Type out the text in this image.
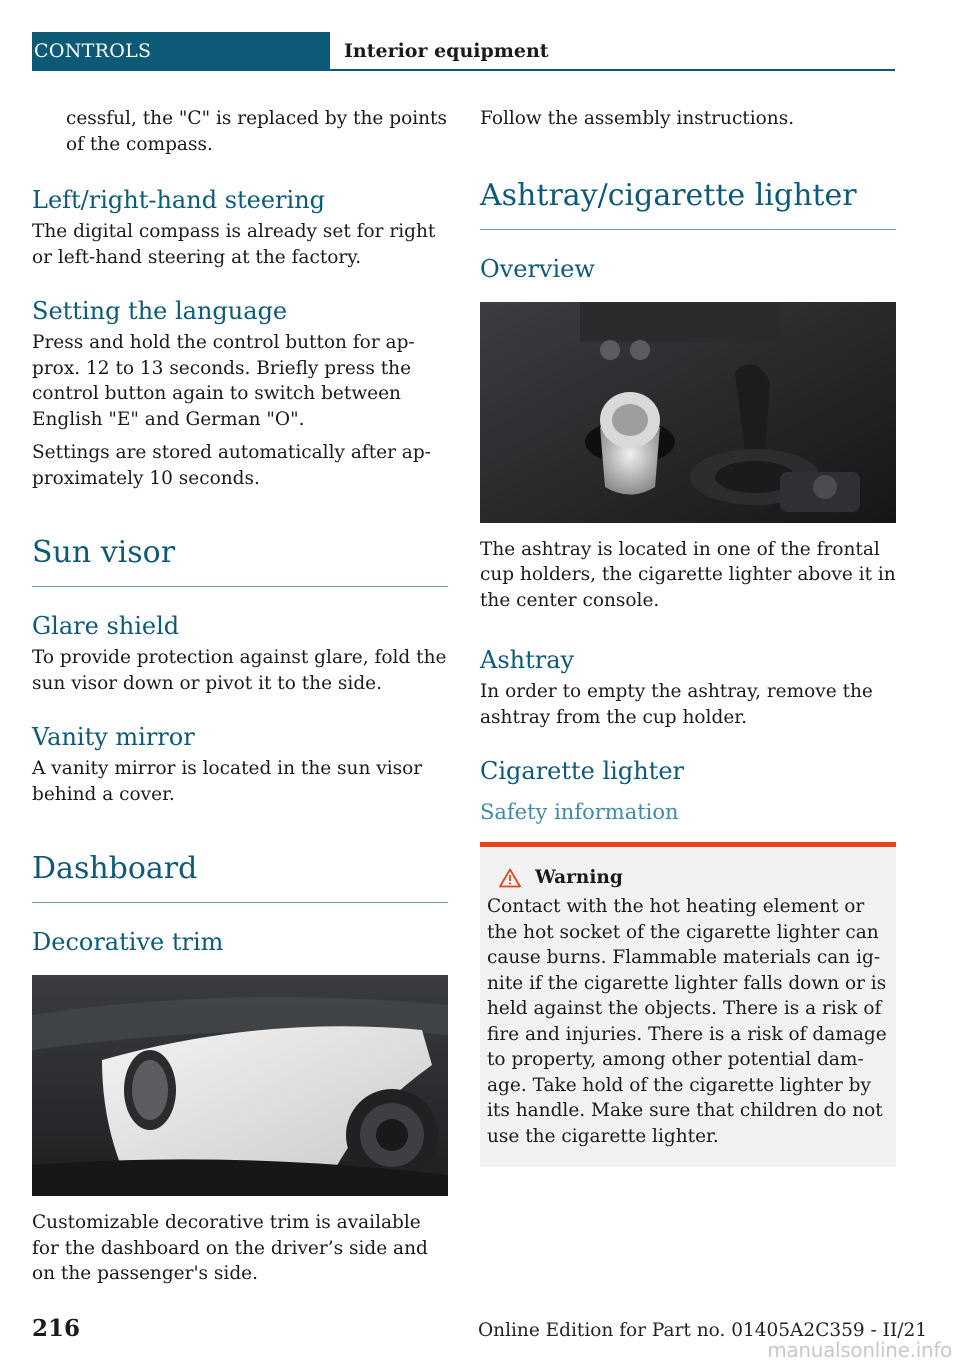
CONTROLS	Interior equipment

cessful, the "C" is replaced by the points of the compass.

Left/right-hand steering

The digital compass is already set for right or left-hand steering at the factory.

Setting the language

Press and hold the control button for ap‐ prox. 12 to 13 seconds. Briefly press the control button again to switch between English "E" and German "O".

Settings are stored automatically after ap‐ proximately 10 seconds.

Sun visor
Glare shield

To provide protection against glare, fold the sun visor down or pivot it to the side.

Vanity mirror

A vanity mirror is located in the sun visor behind a cover.

Dashboard
Decorative trim

Customizable decorative trim is available for the dashboard on the driver’s side and on the passenger's side.

Follow the assembly instructions.

Ashtray/cigarette lighter
Overview

The ashtray is located in one of the frontal cup holders, the cigarette lighter above it in the center console.

Ashtray

In order to empty the ashtray, remove the ashtray from the cup holder.

Cigarette lighter
Safety information
Warning

Contact with the hot heating element or the hot socket of the cigarette lighter can cause burns. Flammable materials can ig‐ nite if the cigarette lighter falls down or is held against the objects. There is a risk of fire and injuries. There is a risk of damage to property, among other potential dam‐ age. Take hold of the cigarette lighter by its handle. Make sure that children do not use the cigarette lighter.

216	Online Edition for Part no. 01405A2C359 - II/21
manualsonline.info
